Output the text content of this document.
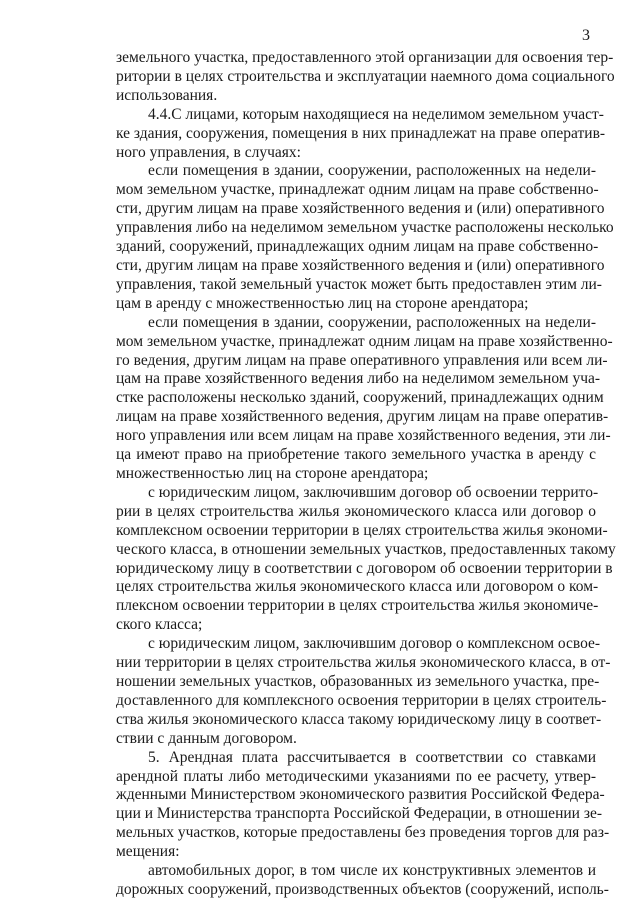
3
земельного участка, предоставленного этой организации для освоения тер-
ритории в целях строительства и эксплуатации наемного дома социального
использования.
4.4.С лицами, которым находящиеся на неделимом земельном участ-
ке здания, сооружения, помещения в них принадлежат на праве оператив-
ного управления, в случаях:
если помещения в здании, сооружении, расположенных на недели-
мом земельном участке, принадлежат одним лицам на праве собственно-
сти, другим лицам на праве хозяйственного ведения и (или) оперативного
управления либо на неделимом земельном участке расположены несколько
зданий, сооружений, принадлежащих одним лицам на праве собственно-
сти, другим лицам на праве хозяйственного ведения и (или) оперативного
управления, такой земельный участок может быть предоставлен этим ли-
цам в аренду с множественностью лиц на стороне арендатора;
если помещения в здании, сооружении, расположенных на недели-
мом земельном участке, принадлежат одним лицам на праве хозяйственно-
го ведения, другим лицам на праве оперативного управления или всем ли-
цам на праве хозяйственного ведения либо на неделимом земельном уча-
стке расположены несколько зданий, сооружений, принадлежащих одним
лицам на праве хозяйственного ведения, другим лицам на праве оператив-
ного управления или всем лицам на праве хозяйственного ведения, эти ли-
ца имеют право на приобретение такого земельного участка в аренду с
множественностью лиц на стороне арендатора;
с юридическим лицом, заключившим договор об освоении террито-
рии в целях строительства жилья экономического класса или договор о
комплексном освоении территории в целях строительства жилья экономи-
ческого класса, в отношении земельных участков, предоставленных такому
юридическому лицу в соответствии с договором об освоении территории в
целях строительства жилья экономического класса или договором о ком-
плексном освоении территории в целях строительства жилья экономиче-
ского класса;
с юридическим лицом, заключившим договор о комплексном освое-
нии территории в целях строительства жилья экономического класса, в от-
ношении земельных участков, образованных из земельного участка, пре-
доставленного для комплексного освоения территории в целях строитель-
ства жилья экономического класса такому юридическому лицу в соответ-
ствии с данным договором.
5. Арендная плата рассчитывается в соответствии со ставками
арендной платы либо методическими указаниями по ее расчету, утвер-
жденными Министерством экономического развития Российской Федера-
ции и Министерства транспорта Российской Федерации, в отношении зе-
мельных участков, которые предоставлены без проведения торгов для раз-
мещения:
автомобильных дорог, в том числе их конструктивных элементов и
дорожных сооружений, производственных объектов (сооружений, исполь-
